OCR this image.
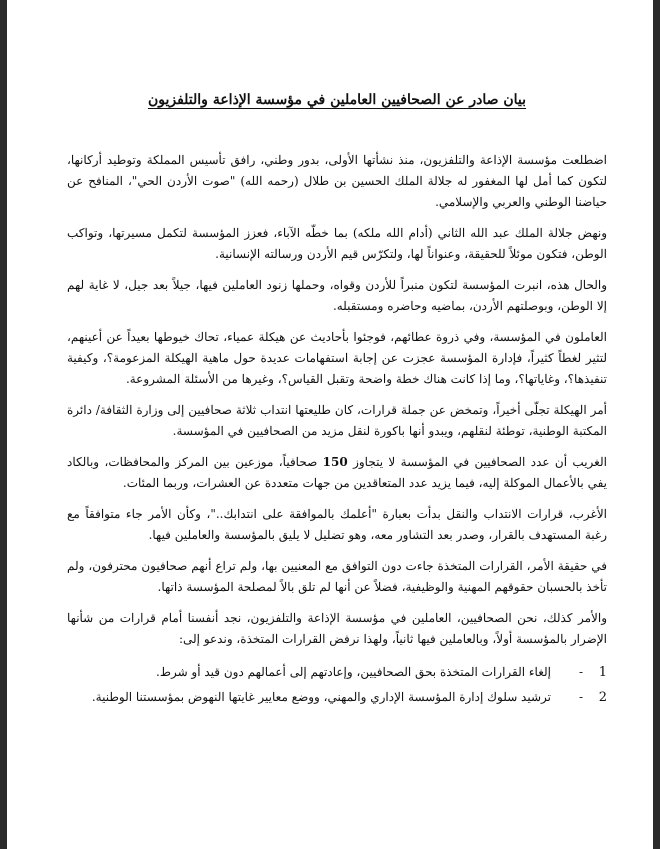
بيان صادر عن الصحافيين العاملين في مؤسسة الإذاعة والتلفزيون

اضطلعت مؤسسة الإذاعة والتلفزيون، منذ نشأتها الأولى، بدور وطني، رافق تأسيس المملكة وتوطيد أركانها، لتكون كما أمل لها المغفور له جلالة الملك الحسين بن طلال (رحمه الله) "صوت الأردن الحي"، المنافح عن حياضنا الوطني والعربي والإسلامي.

ونهض جلالة الملك عبد الله الثاني (أدام الله ملكه) بما خطّه الآباء، فعزز المؤسسة لتكمل مسيرتها، وتواكب الوطن، فتكون موئلاً للحقيقة، وعنواناً لها، ولتكرّس قيم الأردن ورسالته الإنسانية.

والحال هذه، انبرت المؤسسة لتكون منبراً للأردن وقواه، وحملها زنود العاملين فيها، جيلاً بعد جيل، لا غاية لهم إلا الوطن، وبوصلتهم الأردن، بماضيه وحاضره ومستقبله.

العاملون في المؤسسة، وفي ذروة عطائهم، فوجئوا بأحاديث عن هيكلة عمياء، تحاك خيوطها بعيداً عن أعينهم، لتثير لغطاً كثيراً، فإدارة المؤسسة عجزت عن إجابة استفهامات عديدة حول ماهية الهيكلة المزعومة؟، وكيفية تنفيذها؟، وغاياتها؟، وما إذا كانت هناك خطة واضحة وتقبل القياس؟، وغيرها من الأسئلة المشروعة.

أمر الهيكلة تجلّى أخيراً، وتمخض عن جملة قرارات، كان طليعتها انتداب ثلاثة صحافيين إلى وزارة الثقافة/ دائرة المكتبة الوطنية، توطئة لنقلهم، ويبدو أنها باكورة لنقل مزيد من الصحافيين في المؤسسة.

الغريب أن عدد الصحافيين في المؤسسة لا يتجاوز 150 صحافياً، موزعين بين المركز والمحافظات، وبالكاد يفي بالأعمال الموكلة إليه، فيما يزيد عدد المتعاقدين من جهات متعددة عن العشرات، وربما المئات.

الأغرب، قرارات الانتداب والنقل بدأت بعبارة "أعلمك بالموافقة على انتدابك.."، وكأن الأمر جاء متوافقاً مع رغبة المستهدف بالقرار، وصدر بعد التشاور معه، وهو تضليل لا يليق بالمؤسسة والعاملين فيها.

في حقيقة الأمر، القرارات المتخذة جاءت دون التوافق مع المعنيين بها، ولم تراع أنهم صحافيون محترفون، ولم تأخذ بالحسبان حقوقهم المهنية والوظيفية، فضلاً عن أنها لم تلق بالاً لمصلحة المؤسسة ذاتها.

والأمر كذلك، نحن الصحافيين، العاملين في مؤسسة الإذاعة والتلفزيون، نجد أنفسنا أمام قرارات من شأنها الإضرار بالمؤسسة أولاً، وبالعاملين فيها ثانياً، ولهذا نرفض القرارات المتخذة، وندعو إلى:

1
-
إلغاء القرارات المتخذة بحق الصحافيين، وإعادتهم إلى أعمالهم دون قيد أو شرط.
2
-
ترشيد سلوك إدارة المؤسسة الإداري والمهني، ووضع معايير غايتها النهوض بمؤسستنا الوطنية.
